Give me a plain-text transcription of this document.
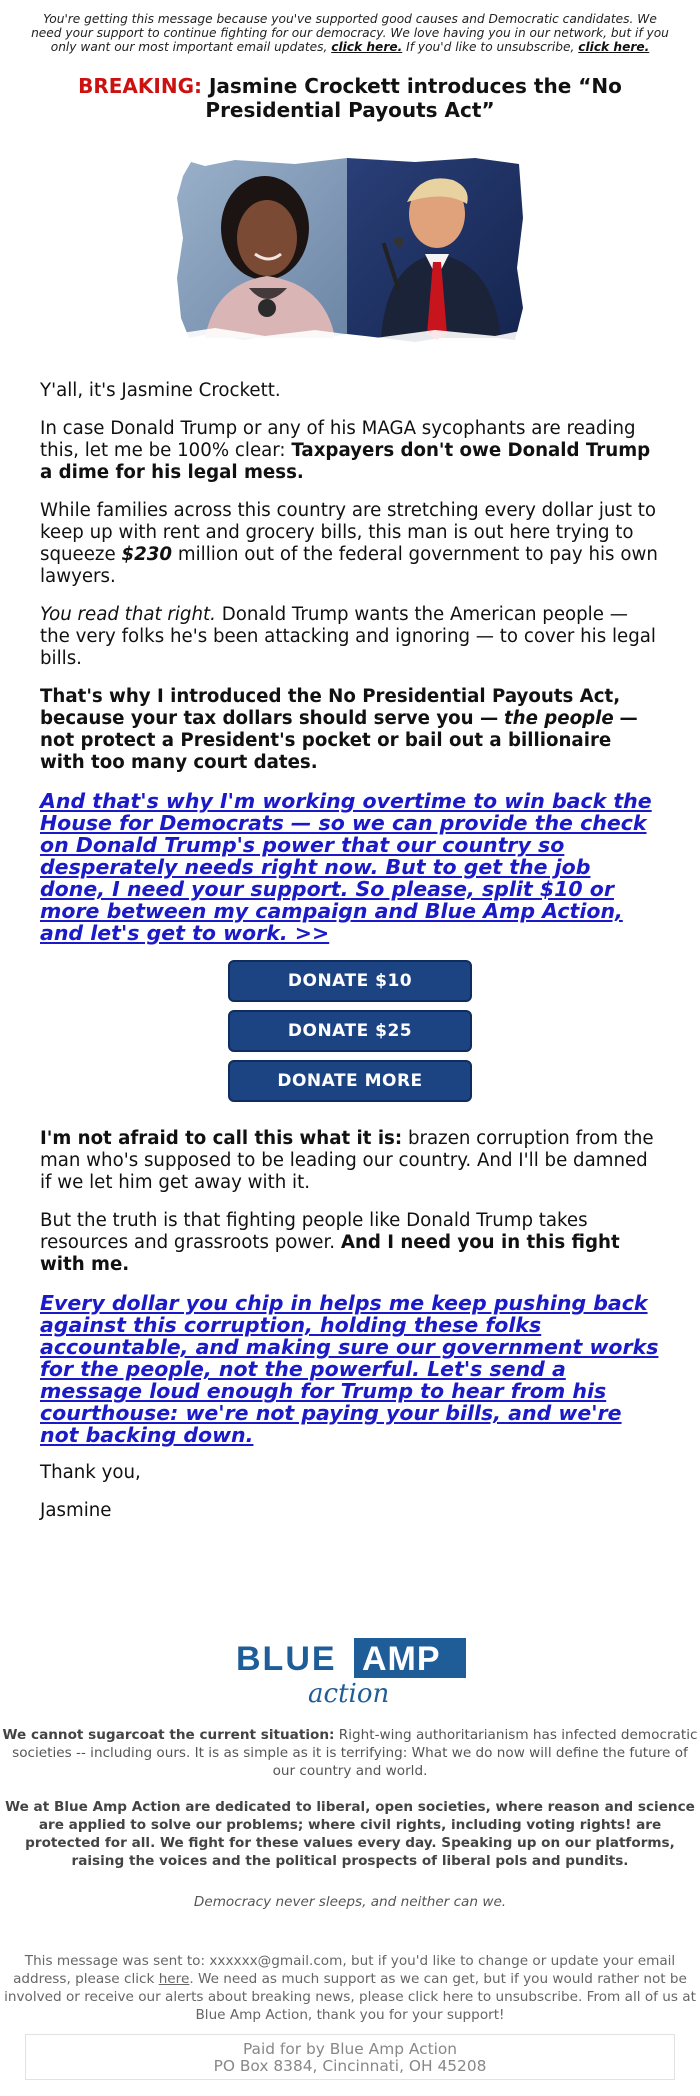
You're getting this message because you've supported good causes and Democratic candidates. We need your support to continue fighting for our democracy. We love having you in our network, but if you only want our most important email updates, click here. If you'd like to unsubscribe, click here.
BREAKING: Jasmine Crockett introduces the “No Presidential Payouts Act”

Y'all, it's Jasmine Crockett.

In case Donald Trump or any of his MAGA sycophants are reading this, let me be 100% clear: Taxpayers don't owe Donald Trump a dime for his legal mess.

While families across this country are stretching every dollar just to keep up with rent and grocery bills, this man is out here trying to squeeze $230 million out of the federal government to pay his own lawyers.

You read that right. Donald Trump wants the American people — the very folks he's been attacking and ignoring — to cover his legal bills.

That's why I introduced the No Presidential Payouts Act, because your tax dollars should serve you — the people — not protect a President's pocket or bail out a billionaire with too many court dates.

And that's why I'm working overtime to win back the House for Democrats — so we can provide the check on Donald Trump's power that our country so desperately needs right now. But to get the job done, I need your support. So please, split $10 or more between my campaign and Blue Amp Action, and let's get to work. >>
DONATE $10
DONATE $25
DONATE MORE

I'm not afraid to call this what it is: brazen corruption from the man who's supposed to be leading our country. And I'll be damned if we let him get away with it.

But the truth is that fighting people like Donald Trump takes resources and grassroots power. And I need you in this fight with me.

Every dollar you chip in helps me keep pushing back against this corruption, holding these folks accountable, and making sure our government works for the people, not the powerful. Let's send a message loud enough for Trump to hear from his courthouse: we're not paying your bills, and we're not backing down.

Thank you,

Jasmine

BLUE AMP
action
We cannot sugarcoat the current situation: Right-wing authoritarianism has infected democratic societies -- including ours. It is as simple as it is terrifying: What we do now will define the future of our country and world.
We at Blue Amp Action are dedicated to liberal, open societies, where reason and science are applied to solve our problems; where civil rights, including voting rights! are protected for all. We fight for these values every day. Speaking up on our platforms, raising the voices and the political prospects of liberal pols and pundits.
Democracy never sleeps, and neither can we.
This message was sent to: xxxxxx@gmail.com, but if you'd like to change or update your email address, please click here. We need as much support as we can get, but if you would rather not be involved or receive our alerts about breaking news, please click here to unsubscribe. From all of us at Blue Amp Action, thank you for your support!
Paid for by Blue Amp Action
PO Box 8384, Cincinnati, OH 45208
